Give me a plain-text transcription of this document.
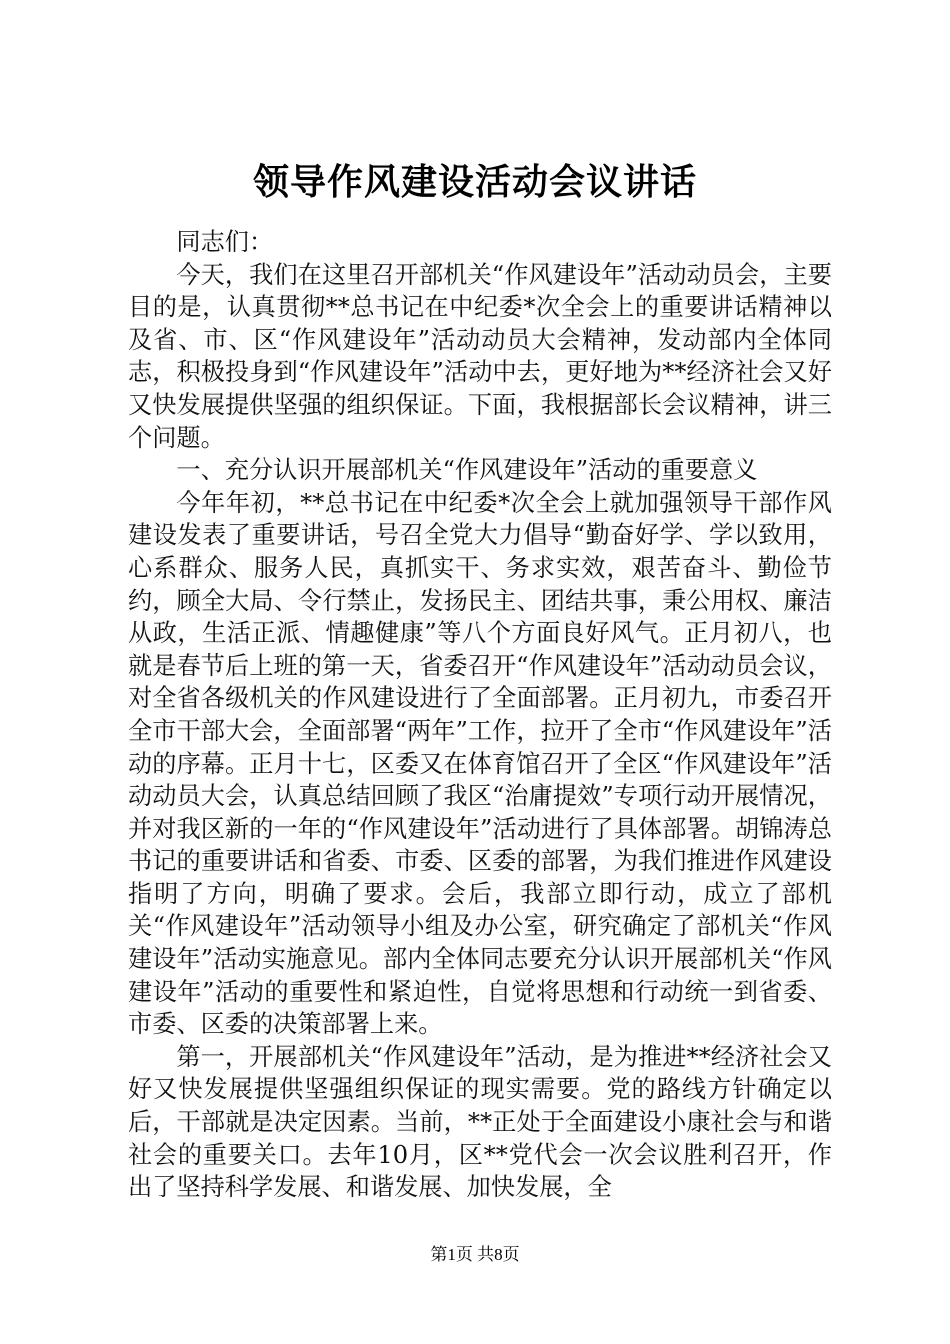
领导作风建设活动会议讲话

同志们：

今天，我们在这里召开部机关“作风建设年”活动动员会，主要目的是，认真贯彻**总书记在中纪委*次全会上的重要讲话精神以及省、市、区“作风建设年”活动动员大会精神，发动部内全体同志，积极投身到“作风建设年”活动中去，更好地为**经济社会又好又快发展提供坚强的组织保证。下面，我根据部长会议精神，讲三个问题。

一、充分认识开展部机关“作风建设年”活动的重要意义

今年年初，**总书记在中纪委*次全会上就加强领导干部作风建设发表了重要讲话，号召全党大力倡导“勤奋好学、学以致用，心系群众、服务人民，真抓实干、务求实效，艰苦奋斗、勤俭节约，顾全大局、令行禁止，发扬民主、团结共事，秉公用权、廉洁从政，生活正派、情趣健康”等八个方面良好风气。正月初八，也就是春节后上班的第一天，省委召开“作风建设年”活动动员会议，对全省各级机关的作风建设进行了全面部署。正月初九，市委召开全市干部大会，全面部署“两年”工作，拉开了全市“作风建设年”活动的序幕。正月十七，区委又在体育馆召开了全区“作风建设年”活动动员大会，认真总结回顾了我区“治庸提效”专项行动开展情况，并对我区新的一年的“作风建设年”活动进行了具体部署。胡锦涛总书记的重要讲话和省委、市委、区委的部署，为我们推进作风建设指明了方向，明确了要求。会后，我部立即行动，成立了部机关“作风建设年”活动领导小组及办公室，研究确定了部机关“作风建设年”活动实施意见。部内全体同志要充分认识开展部机关“作风建设年”活动的重要性和紧迫性，自觉将思想和行动统一到省委、市委、区委的决策部署上来。

第一，开展部机关“作风建设年”活动，是为推进**经济社会又好又快发展提供坚强组织保证的现实需要。党的路线方针确定以后，干部就是决定因素。当前，**正处于全面建设小康社会与和谐社会的重要关口。去年10月，区**党代会一次会议胜利召开，作出了坚持科学发展、和谐发展、加快发展，全

第1页 共8页
